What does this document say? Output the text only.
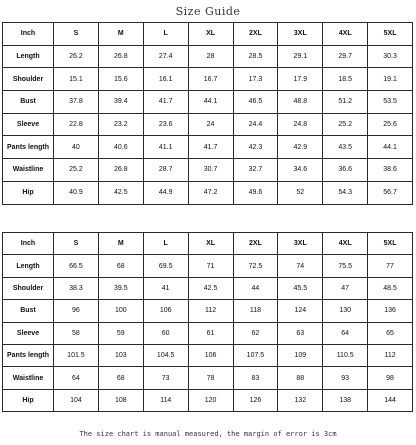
Size Guide
Inch	S	M	L	XL	2XL	3XL	4XL	5XL
Length	26.2	26.8	27.4	28	28.5	29.1	29.7	30.3
Shoulder	15.1	15.6	16.1	16.7	17.3	17.9	18.5	19.1
Bust	37.8	39.4	41.7	44.1	46.5	48.8	51.2	53.5
Sleeve	22.8	23.2	23.6	24	24.4	24.8	25.2	25.6
Pants length	40	40.6	41.1	41.7	42.3	42.9	43.5	44.1
Waistline	25.2	26.8	28.7	30.7	32.7	34.6	36.6	38.6
Hip	40.9	42.5	44.9	47.2	49.6	52	54.3	56.7
Inch	S	M	L	XL	2XL	3XL	4XL	5XL
Length	66.5	68	69.5	71	72.5	74	75.5	77
Shoulder	38.3	39.5	41	42.5	44	45.5	47	48.5
Bust	96	100	106	112	118	124	130	136
Sleeve	58	59	60	61	62	63	64	65
Pants length	101.5	103	104.5	106	107.5	109	110.5	112
Waistline	64	68	73	78	83	88	93	98
Hip	104	108	114	120	126	132	138	144
The size chart is manual measured, the margin of error is 3cm
